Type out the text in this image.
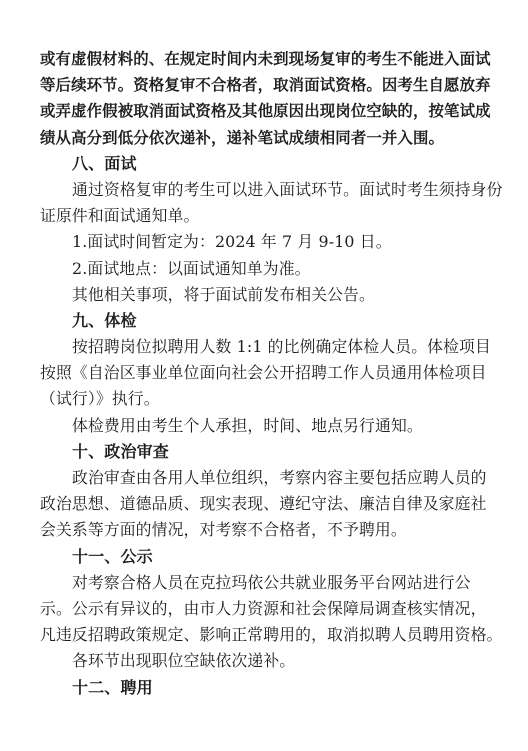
或有虚假材料的、在规定时间内未到现场复审的考生不能进入面试
等后续环节。资格复审不合格者，取消面试资格。因考生自愿放弃
或弄虚作假被取消面试资格及其他原因出现岗位空缺的，按笔试成
绩从高分到低分依次递补，递补笔试成绩相同者一并入围。
八、面试
通过资格复审的考生可以进入面试环节。面试时考生须持身份
证原件和面试通知单。
1.面试时间暂定为：2024 年 7 月 9-10 日。
2.面试地点：以面试通知单为准。
其他相关事项，将于面试前发布相关公告。
九、体检
按招聘岗位拟聘用人数 1:1 的比例确定体检人员。体检项目
按照《自治区事业单位面向社会公开招聘工作人员通用体检项目
（试行）》执行。
体检费用由考生个人承担，时间、地点另行通知。
十、政治审查
政治审查由各用人单位组织，考察内容主要包括应聘人员的
政治思想、道德品质、现实表现、遵纪守法、廉洁自律及家庭社
会关系等方面的情况，对考察不合格者，不予聘用。
十一、公示
对考察合格人员在克拉玛依公共就业服务平台网站进行公
示。公示有异议的，由市人力资源和社会保障局调查核实情况，
凡违反招聘政策规定、影响正常聘用的，取消拟聘人员聘用资格。
各环节出现职位空缺依次递补。
十二、聘用
